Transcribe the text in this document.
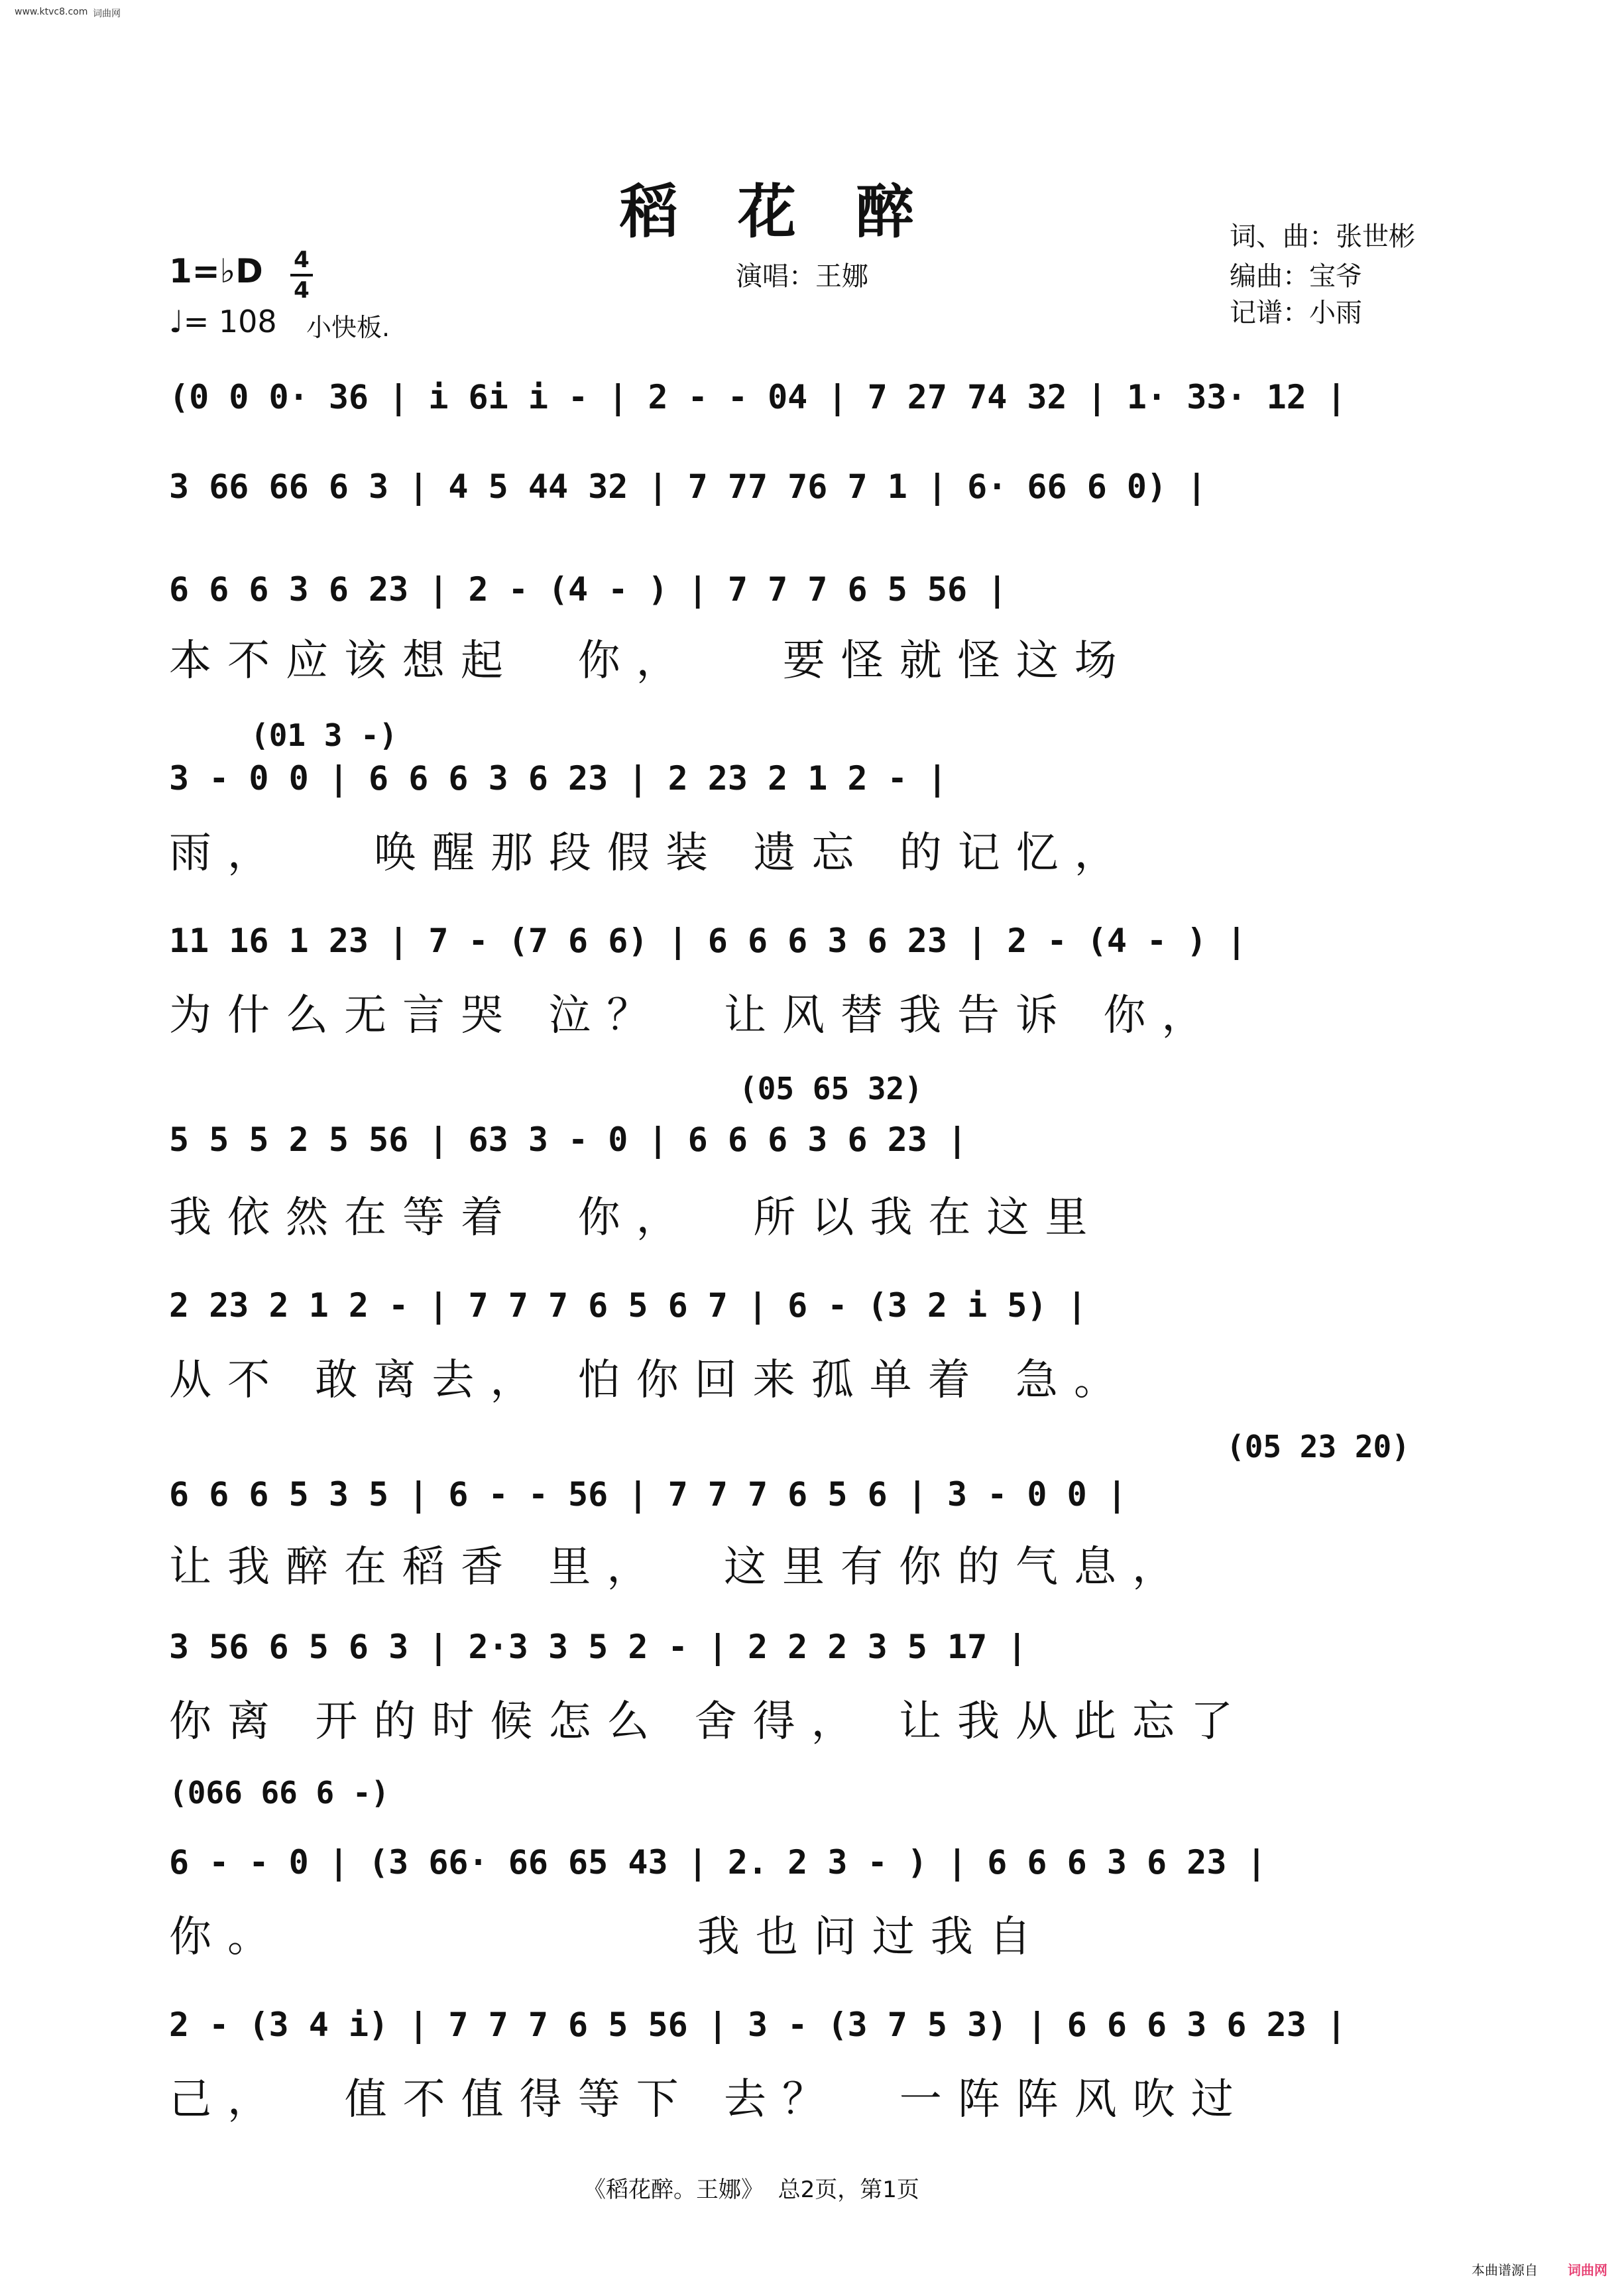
www.ktvc8.com 词曲网
稻花醉
演唱：王娜
词、曲：张世彬
编曲：宝爷
记谱：小雨
1=♭D 4
4
♩= 108 小快板.
(0 0 0· 36 | i 6i i - | 2 - - 04 | 7 27 74 32 | 1· 33· 12 |
3 66 66 6 3 | 4 5 44 32 | 7 77 76 7 1 | 6· 66 6 0) |
6 6 6 3 6 23 | 2 - (4 - ) | 7 7 7 6 5 56 |
本不应该想起  你，   要怪就怪这场
(01 3 -)
3 - 0 0 | 6 6 6 3 6 23 | 2 23 2 1 2 - |
雨，   唤醒那段假装 遗忘 的记忆，
11 16 1 23 | 7 - (7 6 6) | 6 6 6 3 6 23 | 2 - (4 - ) |
为什么无言哭 泣？  让风替我告诉 你，
(05 65 32)
5 5 5 2 5 56 | 63 3 - 0 | 6 6 6 3 6 23 |
我依然在等着  你，  所以我在这里
2 23 2 1 2 - | 7 7 7 6 5 6 7 | 6 - (3 2 i 5) |
从不 敢离去， 怕你回来孤单着 急。
(05 23 20)
6 6 6 5 3 5 | 6 - - 56 | 7 7 7 6 5 6 | 3 - 0 0 |
让我醉在稻香 里，  这里有你的气息，
3 56 6 5 6 3 | 2·3 3 5 2 - | 2 2 2 3 5 17 |
你离 开的时候怎么 舍得， 让我从此忘了
(066 66 6 -)
6 - - 0 | (3 66· 66 65 43 | 2. 2 3 - ) | 6 6 6 3 6 23 |
你。              我也问过我自
2 - (3 4 i) | 7 7 7 6 5 56 | 3 - (3 7 5 3) | 6 6 6 3 6 23 |
己，  值不值得等下 去？  一阵阵风吹过
《稻花醉。王娜》  总2页，第1页
本曲谱源自 词曲网
